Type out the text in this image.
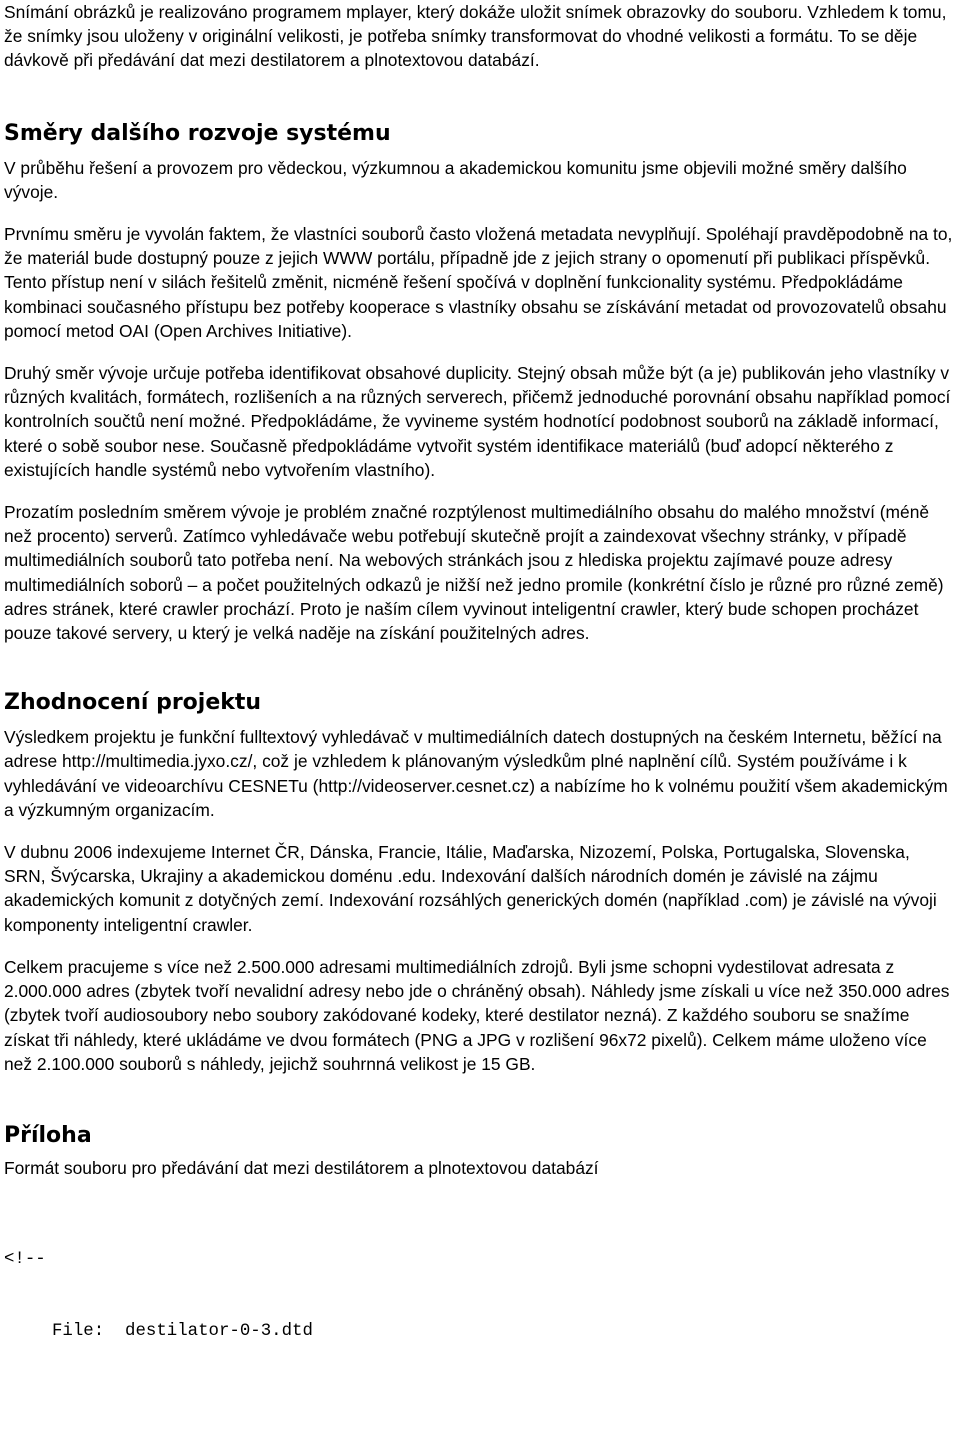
Snímání obrázků je realizováno programem mplayer, který dokáže uložit snímek obrazovky do souboru. Vzhledem k tomu, že snímky jsou uloženy v originální velikosti, je potřeba snímky transformovat do vhodné velikosti a formátu. To se děje dávkově při předávání dat mezi destilatorem a plnotextovou databází.

Směry dalšího rozvoje systému

V průběhu řešení a provozem pro vědeckou, výzkumnou a akademickou komunitu jsme objevili možné směry dalšího vývoje.

Prvnímu směru je vyvolán faktem, že vlastníci souborů často vložená metadata nevyplňují. Spoléhají pravděpodobně na to, že materiál bude dostupný pouze z jejich WWW portálu, případně jde z jejich strany o opomenutí při publikaci příspěvků. Tento přístup není v silách řešitelů změnit, nicméně řešení spočívá v doplnění funkcionality systému. Předpokládáme kombinaci současného přístupu bez potřeby kooperace s vlastníky obsahu se získávání metadat od provozovatelů obsahu pomocí metod OAI (Open Archives Initiative).

Druhý směr vývoje určuje potřeba identifikovat obsahové duplicity. Stejný obsah může být (a je) publikován jeho vlastníky v různých kvalitách, formátech, rozlišeních a na různých serverech, přičemž jednoduché porovnání obsahu například pomocí kontrolních součtů není možné. Předpokládáme, že vyvineme systém hodnotící podobnost souborů na základě informací, které o sobě soubor nese. Současně předpokládáme vytvořit systém identifikace materiálů (buď adopcí některého z existujících handle systémů nebo vytvořením vlastního).

Prozatím posledním směrem vývoje je problém značné rozptýlenost multimediálního obsahu do malého množství (méně než procento) serverů. Zatímco vyhledávače webu potřebují skutečně projít a zaindexovat všechny stránky, v případě multimediálních souborů tato potřeba není. Na webových stránkách jsou z hlediska projektu zajímavé pouze adresy multimediálních soborů – a počet použitelných odkazů je nižší než jedno promile (konkrétní číslo je různé pro různé země) adres stránek, které crawler prochází. Proto je naším cílem vyvinout inteligentní crawler, který bude schopen procházet pouze takové servery, u který je velká naděje na získání použitelných adres.

Zhodnocení projektu

Výsledkem projektu je funkční fulltextový vyhledávač v multimediálních datech dostupných na českém Internetu, běžící na adrese http://multimedia.jyxo.cz/, což je vzhledem k plánovaným výsledkům plné naplnění cílů. Systém používáme i k vyhledávání ve videoarchívu CESNETu (http://videoserver.cesnet.cz) a nabízíme ho k volnému použití všem akademickým a výzkumným organizacím.

V dubnu 2006 indexujeme Internet ČR, Dánska, Francie, Itálie, Maďarska, Nizozemí, Polska, Portugalska, Slovenska, SRN, Švýcarska, Ukrajiny a akademickou doménu .edu. Indexování dalších národních domén je závislé na zájmu akademických komunit z dotyčných zemí. Indexování rozsáhlých generických domén (například .com) je závislé na vývoji komponenty inteligentní crawler.

Celkem pracujeme s více než 2.500.000 adresami multimediálních zdrojů. Byli jsme schopni vydestilovat adresata z 2.000.000 adres (zbytek tvoří nevalidní adresy nebo jde o chráněný obsah). Náhledy jsme získali u více než 350.000 adres (zbytek tvoří audiosoubory nebo soubory zakódované kodeky, které destilator nezná). Z každého souboru se snažíme získat tři náhledy, které ukládáme ve dvou formátech (PNG a JPG v rozlišení 96x72 pixelů). Celkem máme uloženo více než 2.100.000 souborů s náhledy, jejichž souhrnná velikost je 15 GB.

Příloha

Formát souboru pro předávání dat mezi destilátorem a plnotextovou databází

<!--

File:  destilator-0-3.dtd
